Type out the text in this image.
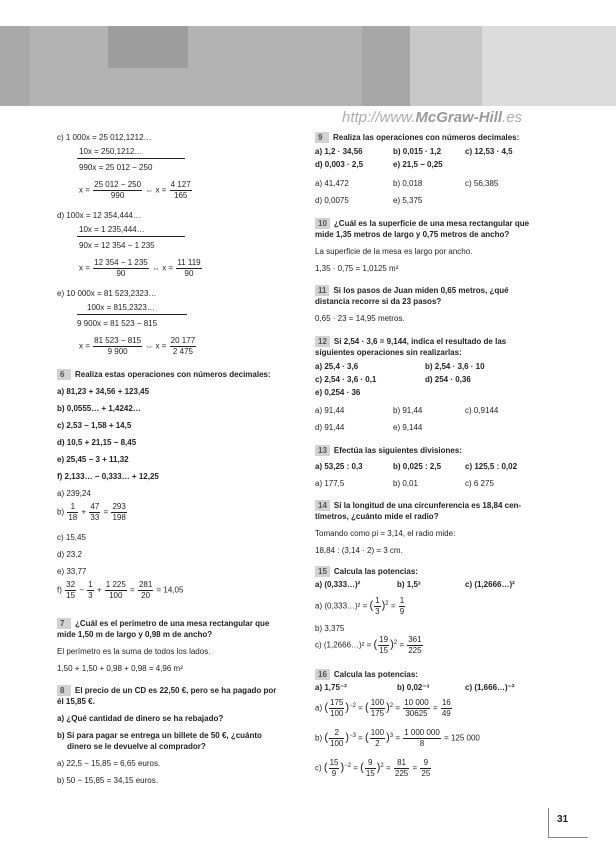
http://www.McGraw-Hill.es
c) 1 000x = 25 012,1212…
10x = 250,1212…
990x = 25 012 − 250
$x = \frac{25 012 - 250}{990}$ ⇔ $x = \frac{4 127}{165}$
d) 100x = 12 354,444…
10x = 1 235,444…
90x = 12 354 − 1 235
$x = \frac{12 354 - 1 235}{90}$ ⇔ $x = \frac{11 119}{90}$
e) 10 000x = 81 523,2323…
100x = 815,2323…
9 900x = 81 523 − 815
$x = \frac{81 523 - 815}{9 900}$ ⇔ $x = \frac{20 177}{2 475}$
6 Realiza estas operaciones con números decimales:
a) 81,23 + 34,56 + 123,45
b) 0,0555… + 1,4242…
c) 2,53 − 1,58 + 14,5
d) 10,5 + 21,15 − 8,45
e) 25,45 − 3 + 11,32
f) 2,133… − 0,333… + 12,25
a) 239,24
$b) \frac{1}{18} + \frac{47}{33} = \frac{293}{198}$
c) 15,45
d) 23,2
e) 33,77
$f) \frac{32}{15} - \frac{1}{3} + \frac{1 225}{100} = \frac{281}{20} = 14,05$
7 ¿Cuál es el perímetro de una mesa rectangular que
mide 1,50 m de largo y 0,98 m de ancho?
El perímetro es la suma de todos los lados.
1,50 + 1,50 + 0,98 + 0,98 = 4,96 m²
8 El precio de un CD es 22,50 €, pero se ha pagado por
él 15,85 €.
a) ¿Qué cantidad de dinero se ha rebajado?
b) Si para pagar se entrega un billete de 50 €, ¿cuánto
dinero se le devuelve al comprador?
a) 22,5 − 15,85 = 6,65 euros.
b) 50 − 15,85 = 34,15 euros.
9 Realiza las operaciones con números decimales:
a) 1,2 · 34,56	b) 0,015 · 1,2	c) 12,53 · 4,5
d) 0,003 · 2,5	e) 21,5 − 0,25
a) 41,472	b) 0,018	c) 56,385
d) 0,0075	e) 5,375
10 ¿Cuál es la superficie de una mesa rectangular que
mide 1,35 metros de largo y 0,75 metros de ancho?
La superficie de la mesa es largo por ancho.
1,35 · 0,75 = 1,0125 m²
11 Si los pasos de Juan miden 0,65 metros, ¿qué
distancia recorre si da 23 pasos?
0,65 · 23 = 14,95 metros.
12 Si 2,54 · 3,6 = 9,144, indica el resultado de las
siguientes operaciones sin realizarlas:
a) 25,4 · 3,6	b) 2,54 · 3,6 · 10
c) 2,54 · 3,6 · 0,1	d) 254 · 0,36
e) 0,254 · 36
a) 91,44	b) 91,44	c) 0,9144
d) 91,44	e) 9,144
13 Efectúa las siguientes divisiones:
a) 53,25 : 0,3	b) 0,025 : 2,5	c) 125,5 : 0,02
a) 177,5	b) 0,01	c) 6 275
14 Si la longitud de una circunferencia es 18,84 cen-
tímetros, ¿cuánto mide el radio?
Tomando como pi = 3,14, el radio mide:
18,84 : (3,14 · 2) = 3 cm.
15 Calcula las potencias:
a) (0,333…)²	b) 1,5³	c) (1,2666…)²
a) (0,333…)² = ( $\frac{1}{3} )^2 = \frac{1}{9}$
b) 3,375
c) (1,2666…)² = ( $\frac{19}{15} )^2 = \frac{361}{225}$
16 Calcula las potencias:
a) 1,75⁻²	b) 0,02⁻³	c) (1,666…)⁻²
a) ( $\frac{175}{100} )^{-2}$ = ( $\frac{100}{175} )^2 = \frac{10 000}{30625} = \frac{16}{49}$
b) ( $\frac{2}{100} )^{-3}$ = ( $\frac{100}{2} )^3 = \frac{1 000 000}{8} = 125$ 000
c) ( $\frac{15}{9} )^{-2}$ = ( $\frac{9}{15} )^2 = \frac{81}{225} = \frac{9}{25}$
31
